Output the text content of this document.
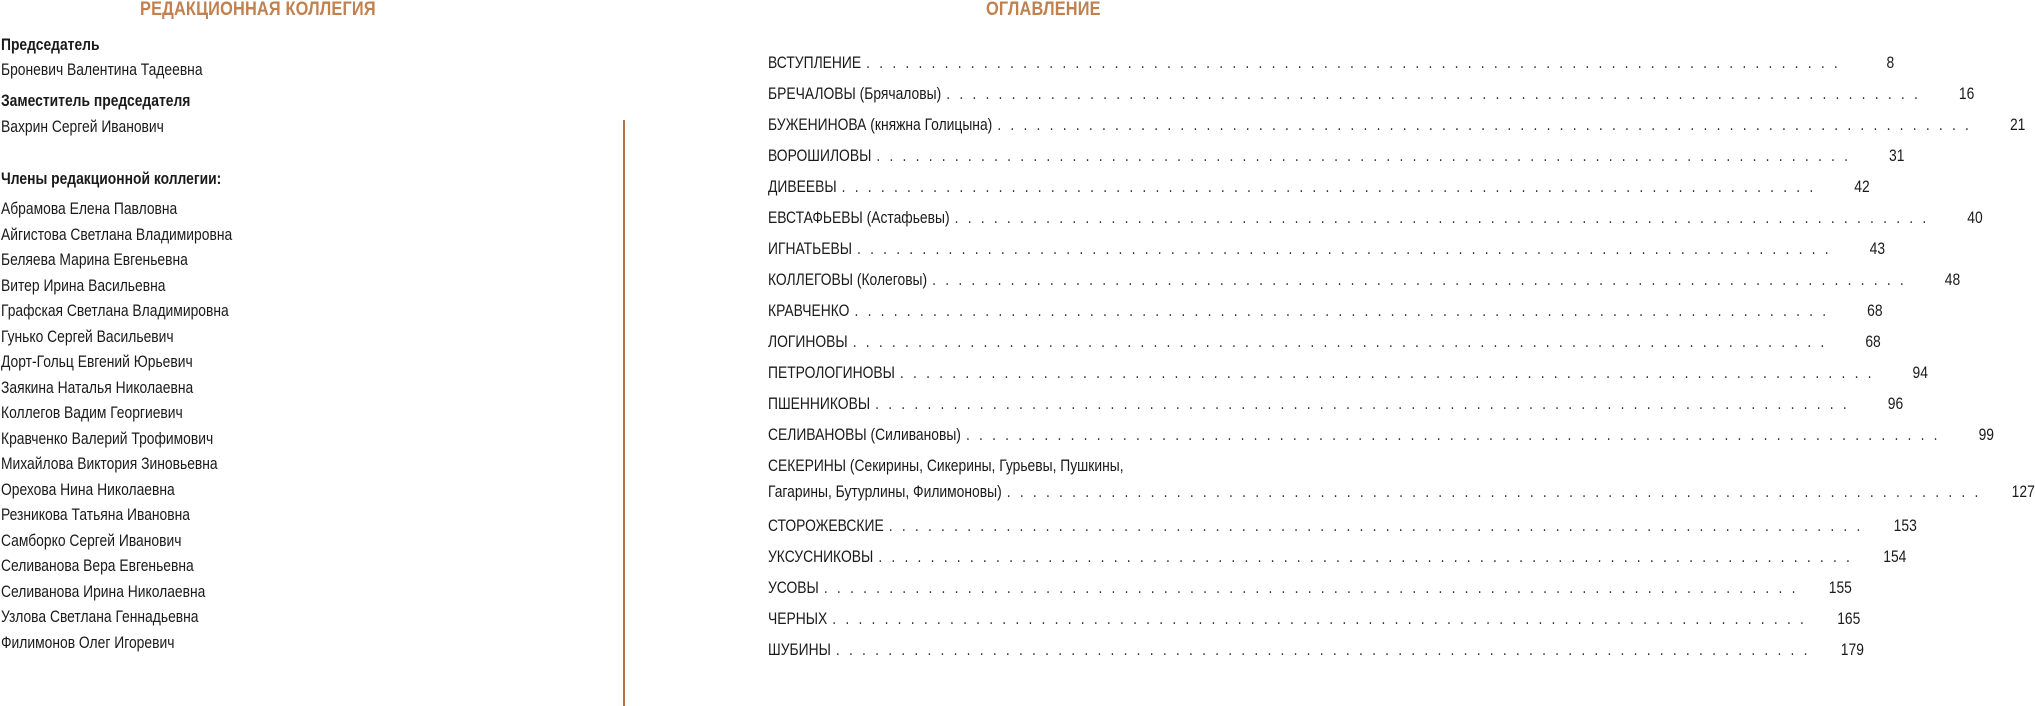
РЕДАКЦИОННАЯ КОЛЛЕГИЯ	ОГЛАВЛЕНИЕ
Председатель
Броневич Валентина Тадеевна
Заместитель председателя
Вахрин Сергей Иванович
Члены редакционной коллегии:
Абрамова Елена Павловна
Айгистова Светлана Владимировна
Беляева Марина Евгеньевна
Витер Ирина Васильевна
Графская Светлана Владимировна
Гунько Сергей Васильевич
Дорт-Гольц Евгений Юрьевич
Заякина Наталья Николаевна
Коллегов Вадим Георгиевич
Кравченко Валерий Трофимович
Михайлова Виктория Зиновьевна
Орехова Нина Николаевна
Резникова Татьяна Ивановна
Самборко Сергей Иванович
Селиванова Вера Евгеньевна
Селиванова Ирина Николаевна
Узлова Светлана Геннадьевна
Филимонов Олег Игоревич
ВСТУПЛЕНИЕ . . . . . . . . . . . . . . . . . . . . . . . . . . . . . . . . . . . . . . . . . . . . . . . . . . . . . . . . . . . . . . . . . . . . . . . . . . .	8
БРЕЧАЛОВЫ (Брячаловы) . . . . . . . . . . . . . . . . . . . . . . . . . . . . . . . . . . . . . . . . . . . . . . . . . . . . . . . . . . . . . . . . . . . . . . . . . . .	16
БУЖЕНИНОВА (княжна Голицына) . . . . . . . . . . . . . . . . . . . . . . . . . . . . . . . . . . . . . . . . . . . . . . . . . . . . . . . . . . . . . . . . . . . . . . . . . . .	21
ВОРОШИЛОВЫ . . . . . . . . . . . . . . . . . . . . . . . . . . . . . . . . . . . . . . . . . . . . . . . . . . . . . . . . . . . . . . . . . . . . . . . . . . .	31
ДИВЕЕВЫ . . . . . . . . . . . . . . . . . . . . . . . . . . . . . . . . . . . . . . . . . . . . . . . . . . . . . . . . . . . . . . . . . . . . . . . . . . .	42
ЕВСТАФЬЕВЫ (Астафьевы) . . . . . . . . . . . . . . . . . . . . . . . . . . . . . . . . . . . . . . . . . . . . . . . . . . . . . . . . . . . . . . . . . . . . . . . . . . .	40
ИГНАТЬЕВЫ . . . . . . . . . . . . . . . . . . . . . . . . . . . . . . . . . . . . . . . . . . . . . . . . . . . . . . . . . . . . . . . . . . . . . . . . . . .	43
КОЛЛЕГОВЫ (Колеговы) . . . . . . . . . . . . . . . . . . . . . . . . . . . . . . . . . . . . . . . . . . . . . . . . . . . . . . . . . . . . . . . . . . . . . . . . . . .	48
КРАВЧЕНКО . . . . . . . . . . . . . . . . . . . . . . . . . . . . . . . . . . . . . . . . . . . . . . . . . . . . . . . . . . . . . . . . . . . . . . . . . . .	68
ЛОГИНОВЫ . . . . . . . . . . . . . . . . . . . . . . . . . . . . . . . . . . . . . . . . . . . . . . . . . . . . . . . . . . . . . . . . . . . . . . . . . . .	68
ПЕТРОЛОГИНОВЫ . . . . . . . . . . . . . . . . . . . . . . . . . . . . . . . . . . . . . . . . . . . . . . . . . . . . . . . . . . . . . . . . . . . . . . . . . . .	94
ПШЕННИКОВЫ . . . . . . . . . . . . . . . . . . . . . . . . . . . . . . . . . . . . . . . . . . . . . . . . . . . . . . . . . . . . . . . . . . . . . . . . . . .	96
СЕЛИВАНОВЫ (Силивановы) . . . . . . . . . . . . . . . . . . . . . . . . . . . . . . . . . . . . . . . . . . . . . . . . . . . . . . . . . . . . . . . . . . . . . . . . . . .	99
СЕКЕРИНЫ (Секирины, Сикерины, Гурьевы, Пушкины,
Гагарины, Бутурлины, Филимоновы) . . . . . . . . . . . . . . . . . . . . . . . . . . . . . . . . . . . . . . . . . . . . . . . . . . . . . . . . . . . . . . . . . . . . . . . . . . .	127
СТОРОЖЕВСКИЕ . . . . . . . . . . . . . . . . . . . . . . . . . . . . . . . . . . . . . . . . . . . . . . . . . . . . . . . . . . . . . . . . . . . . . . . . . . .	153
УКСУСНИКОВЫ . . . . . . . . . . . . . . . . . . . . . . . . . . . . . . . . . . . . . . . . . . . . . . . . . . . . . . . . . . . . . . . . . . . . . . . . . . .	154
УСОВЫ . . . . . . . . . . . . . . . . . . . . . . . . . . . . . . . . . . . . . . . . . . . . . . . . . . . . . . . . . . . . . . . . . . . . . . . . . . .	155
ЧЕРНЫХ . . . . . . . . . . . . . . . . . . . . . . . . . . . . . . . . . . . . . . . . . . . . . . . . . . . . . . . . . . . . . . . . . . . . . . . . . . .	165
ШУБИНЫ . . . . . . . . . . . . . . . . . . . . . . . . . . . . . . . . . . . . . . . . . . . . . . . . . . . . . . . . . . . . . . . . . . . . . . . . . . .	179
